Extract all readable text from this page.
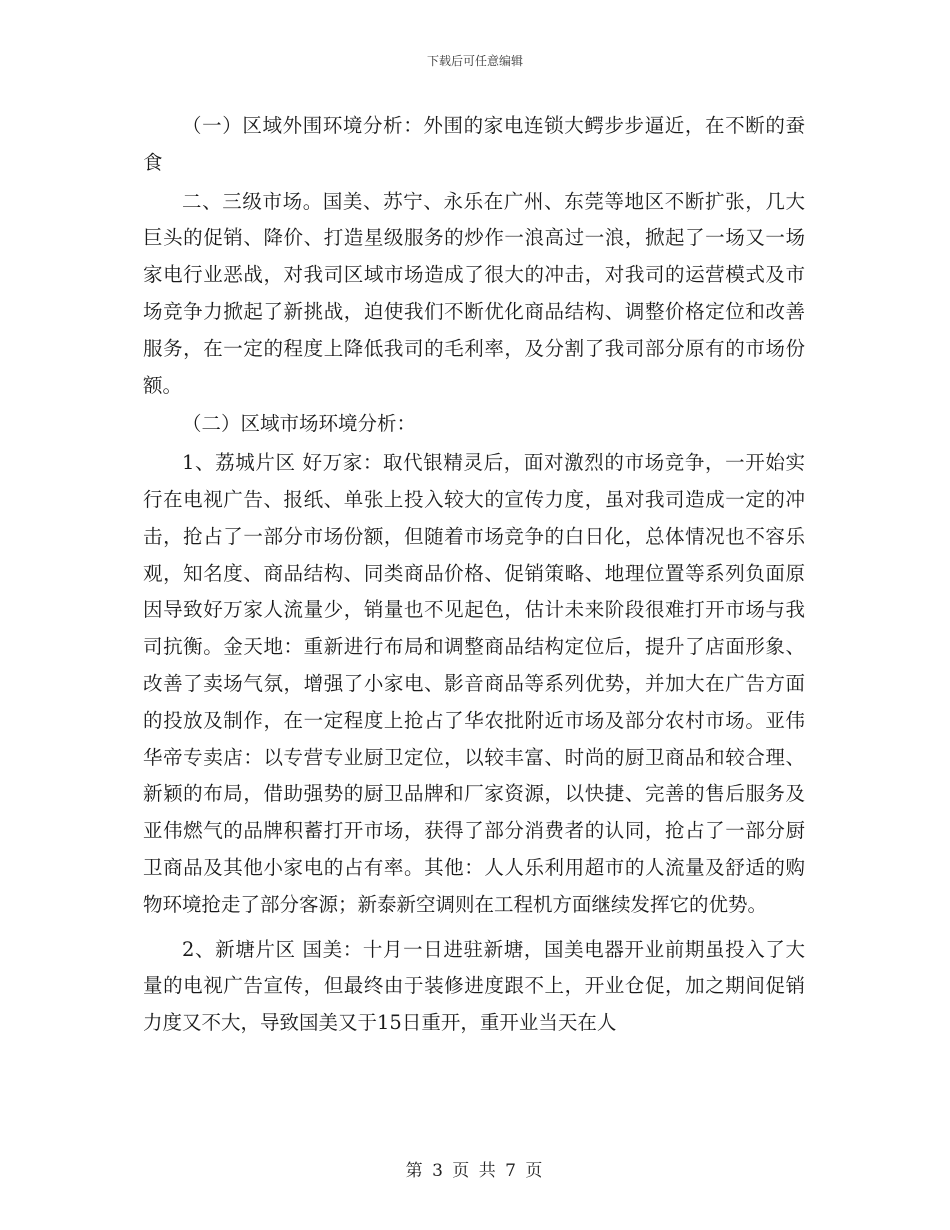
下载后可任意编辑

（一）区域外围环境分析：外围的家电连锁大鳄步步逼近，在不断的蚕食

二、三级市场。国美、苏宁、永乐在广州、东莞等地区不断扩张，几大巨头的促销、降价、打造星级服务的炒作一浪高过一浪，掀起了一场又一场家电行业恶战，对我司区域市场造成了很大的冲击，对我司的运营模式及市场竞争力掀起了新挑战，迫使我们不断优化商品结构、调整价格定位和改善服务，在一定的程度上降低我司的毛利率，及分割了我司部分原有的市场份额。

（二）区域市场环境分析：

1、荔城片区 好万家：取代银精灵后，面对激烈的市场竞争，一开始实行在电视广告、报纸、单张上投入较大的宣传力度，虽对我司造成一定的冲击，抢占了一部分市场份额，但随着市场竞争的白日化，总体情况也不容乐观，知名度、商品结构、同类商品价格、促销策略、地理位置等系列负面原因导致好万家人流量少，销量也不见起色，估计未来阶段很难打开市场与我司抗衡。金天地：重新进行布局和调整商品结构定位后，提升了店面形象、改善了卖场气氛，增强了小家电、影音商品等系列优势，并加大在广告方面的投放及制作，在一定程度上抢占了华农批附近市场及部分农村市场。亚伟华帝专卖店：以专营专业厨卫定位，以较丰富、时尚的厨卫商品和较合理、新颖的布局，借助强势的厨卫品牌和厂家资源，以快捷、完善的售后服务及亚伟燃气的品牌积蓄打开市场，获得了部分消费者的认同，抢占了一部分厨卫商品及其他小家电的占有率。其他：人人乐利用超市的人流量及舒适的购物环境抢走了部分客源；新泰新空调则在工程机方面继续发挥它的优势。

2、新塘片区 国美：十月一日进驻新塘，国美电器开业前期虽投入了大量的电视广告宣传，但最终由于装修进度跟不上，开业仓促，加之期间促销力度又不大，导致国美又于15日重开，重开业当天在人

第 3 页 共 7 页
